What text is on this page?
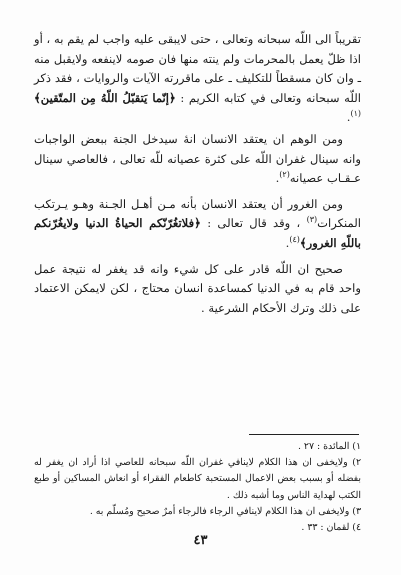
تقريباً الى اللّه سبحانه وتعالى ، حتى لايبقى عليه واجب لم يقم به ، أو اذا ظلّ يعمل بالمحرمات ولم ينته منها فان صومه لاينفعه ولايقبل منه ـ وان كان مسقطاً للتكليف ـ على ماقررته الآيات والروايات ، فقد ذكر اللّه سبحانه وتعالى في كتابه الكريم : ﴿إنّما يَتقبّلُ اللّهُ مِن المتّقين﴾$^{(١)}$.

ومن الوهم ان يعتقد الانسان انهٔ سيدخل الجنة ببعض الواجبات وانه سينال غفران اللّه على كثرة عصيانه للّه تعالى ، فالعاصي سينال عـقـاب عصيانه$^{(٢)}$.

ومن الغرور أن يعتقد الانسان بأنه مـن أهـل الجـنة وهـو يـرتكب المنكرات$^{(٣)}$ ، وقد قال تعالى : ﴿فلاتغُرّنّكم الحياةُ الدنيا ولايغُرّنكم باللّهِ الغرور﴾$^{(٤)}$.

صحيح ان اللّه قادر على كل شيء وانه قد يغفر له نتيجة عمل واحد قام به في الدنيا كمساعدة انسان محتاج ، لكن لايمكن الاعتماد على ذلك وترك الأحكام الشرعية .

١) المائدة : ٢٧ .

٢) ولايخفى ان هذا الكلام لاينافي غفران اللّه سبحانه للعاصي اذا أراد ان يغفر له بفضله أو بسبب بعض الاعمال المستحبة كاطعام الفقراء أو انعاش المساكين أو طبع الكتب لهداية الناس وما أشبه ذلك .

٣) ولايخفى ان هذا الكلام لاينافي الرجاء فالرجاء أمرٌ صحيح ومُسلّم به .

٤) لقمان : ٣٣ .

٤٣
